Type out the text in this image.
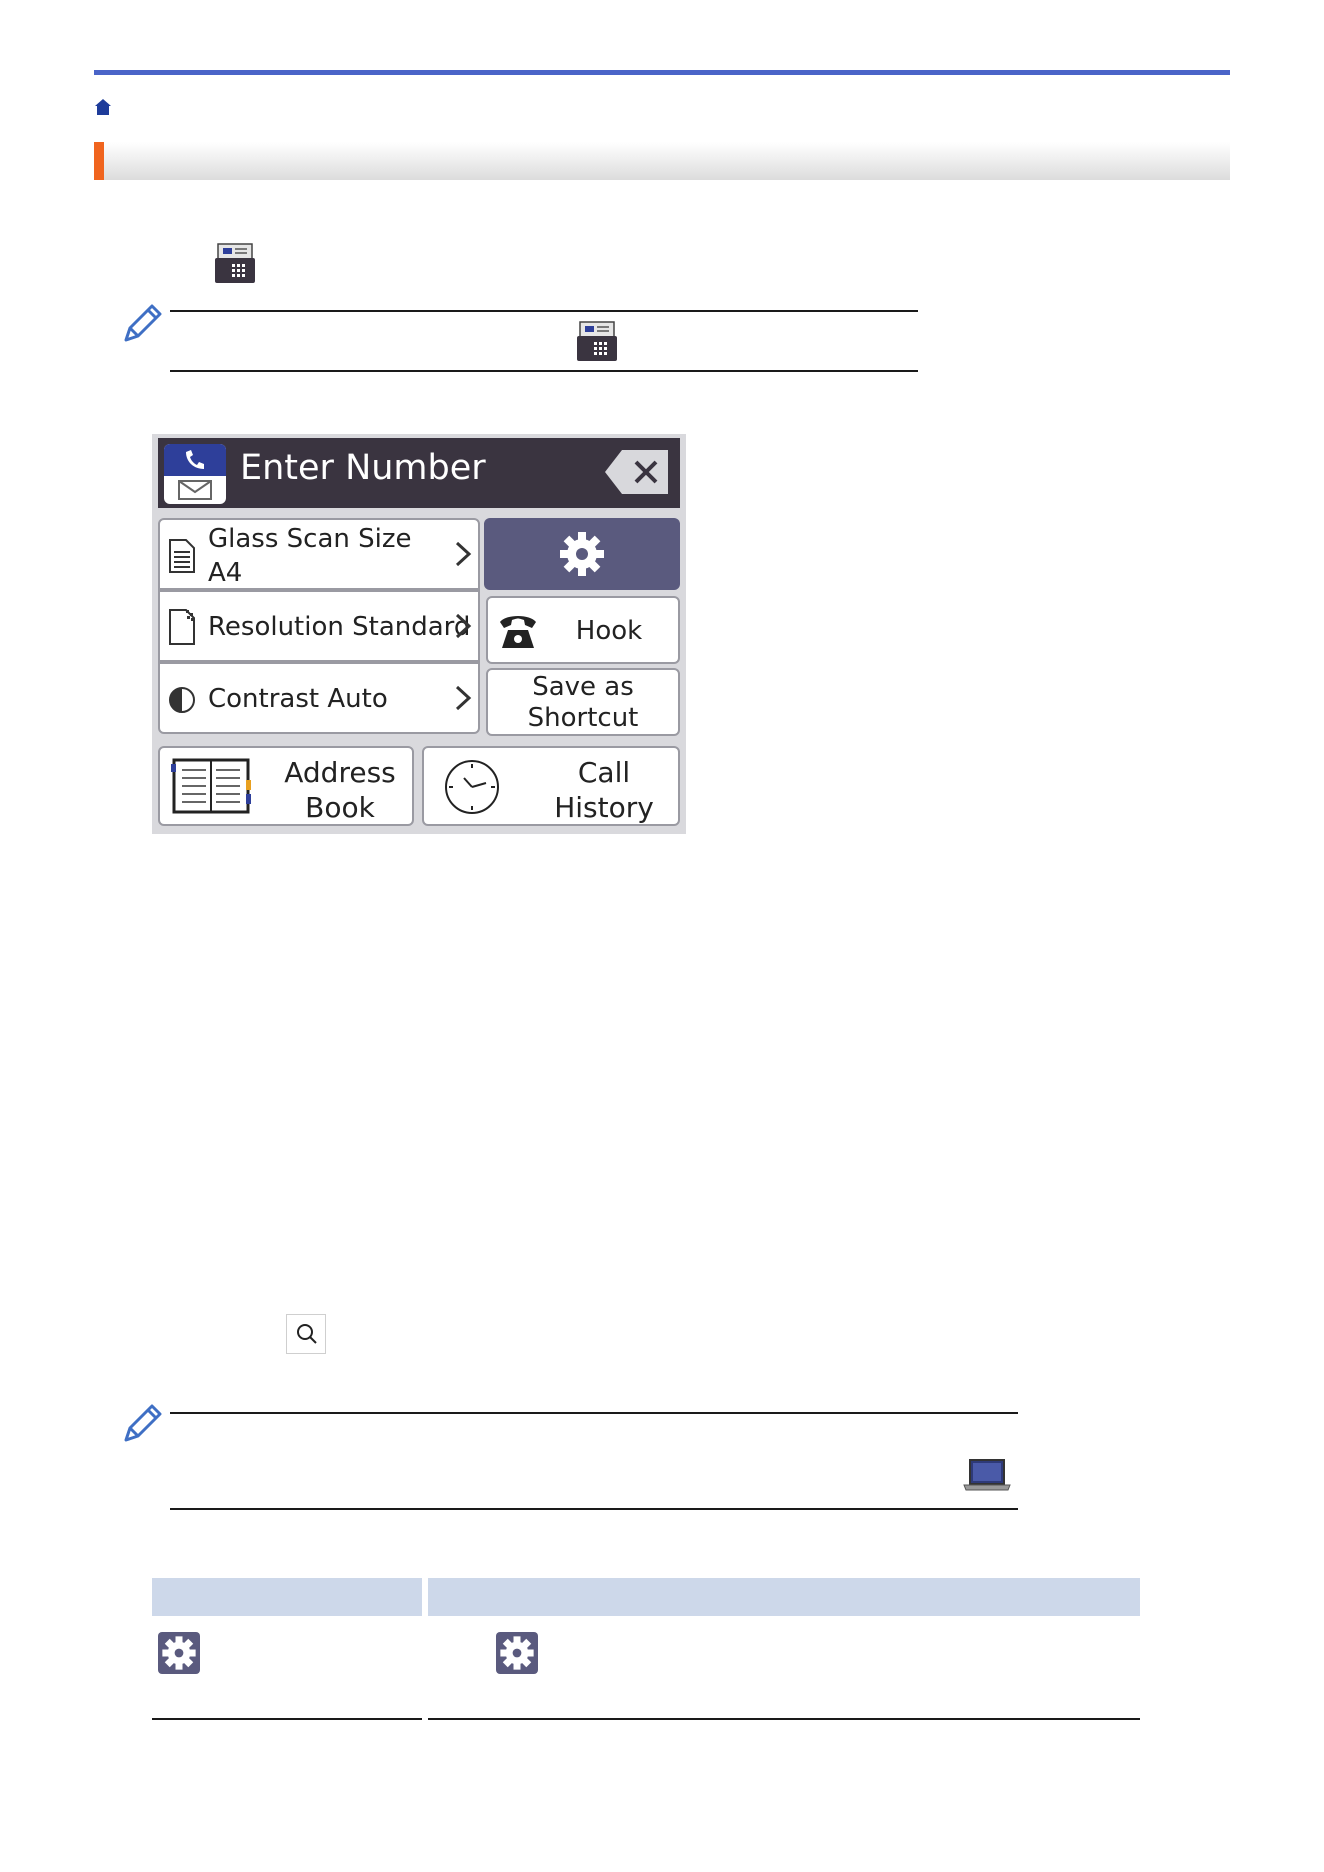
Enter Number
Glass Scan Size
A4
Resolution Standard
Contrast Auto
Hook
Save as
Shortcut
Address
Book
Call
History
